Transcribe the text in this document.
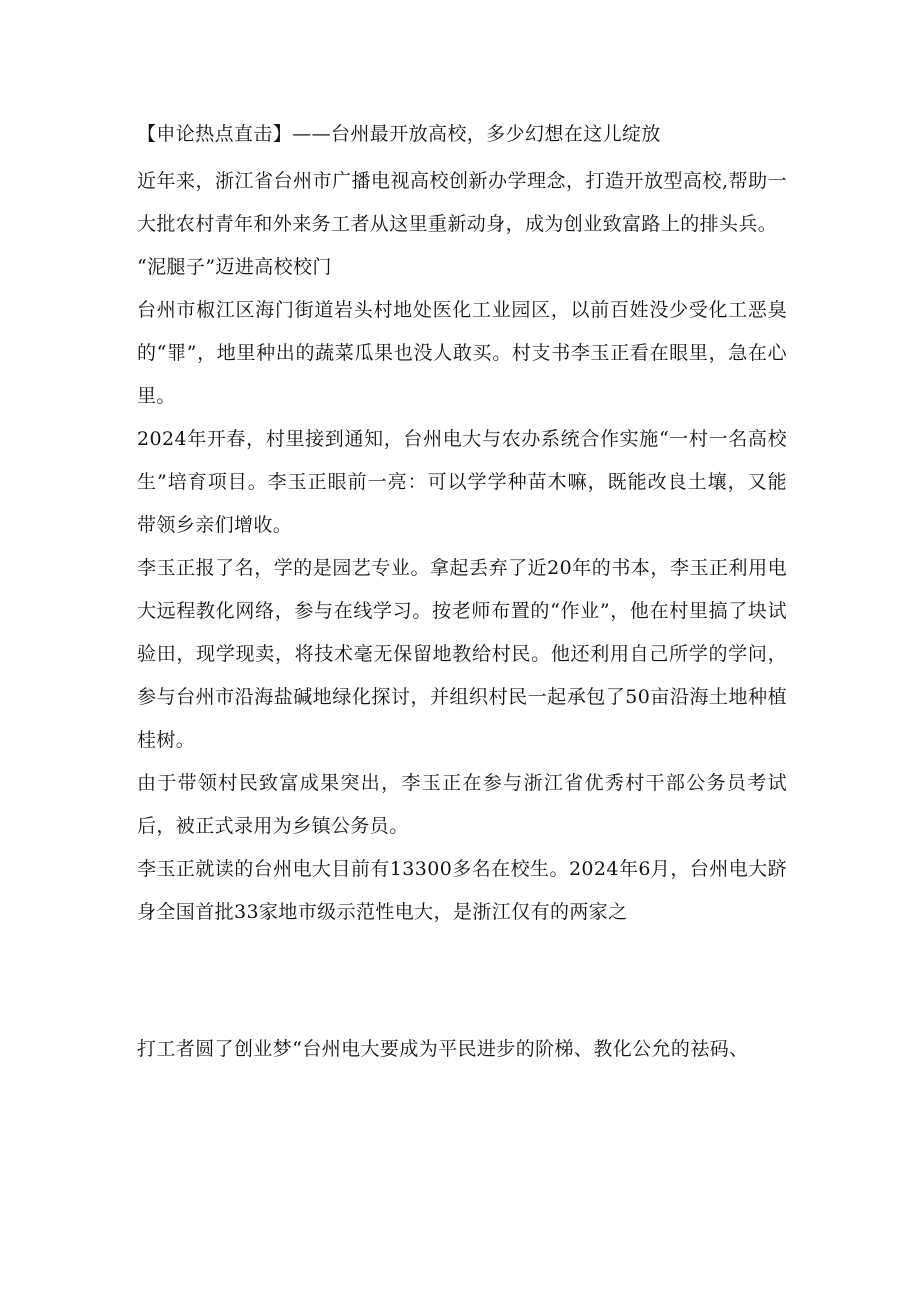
【申论热点直击】——台州最开放高校，多少幻想在这儿绽放

近年来，浙江省台州市广播电视高校创新办学理念，打造开放型高校,帮助一大批农村青年和外来务工者从这里重新动身，成为创业致富路上的排头兵。

“泥腿子”迈进高校校门

台州市椒江区海门街道岩头村地处医化工业园区，以前百姓没少受化工恶臭的“罪”，地里种出的蔬菜瓜果也没人敢买。村支书李玉正看在眼里，急在心里。

2024年开春，村里接到通知，台州电大与农办系统合作实施“一村一名高校生”培育项目。李玉正眼前一亮：可以学学种苗木嘛，既能改良土壤，又能带领乡亲们增收。

李玉正报了名，学的是园艺专业。拿起丢弃了近20年的书本，李玉正利用电大远程教化网络，参与在线学习。按老师布置的“作业”，他在村里搞了块试验田，现学现卖，将技术毫无保留地教给村民。他还利用自己所学的学问，参与台州市沿海盐碱地绿化探讨，并组织村民一起承包了50亩沿海土地种植桂树。

由于带领村民致富成果突出，李玉正在参与浙江省优秀村干部公务员考试后，被正式录用为乡镇公务员。

李玉正就读的台州电大目前有13300多名在校生。2024年6月，台州电大跻身全国首批33家地市级示范性电大，是浙江仅有的两家之

打工者圆了创业梦“台州电大要成为平民进步的阶梯、教化公允的祛码、
